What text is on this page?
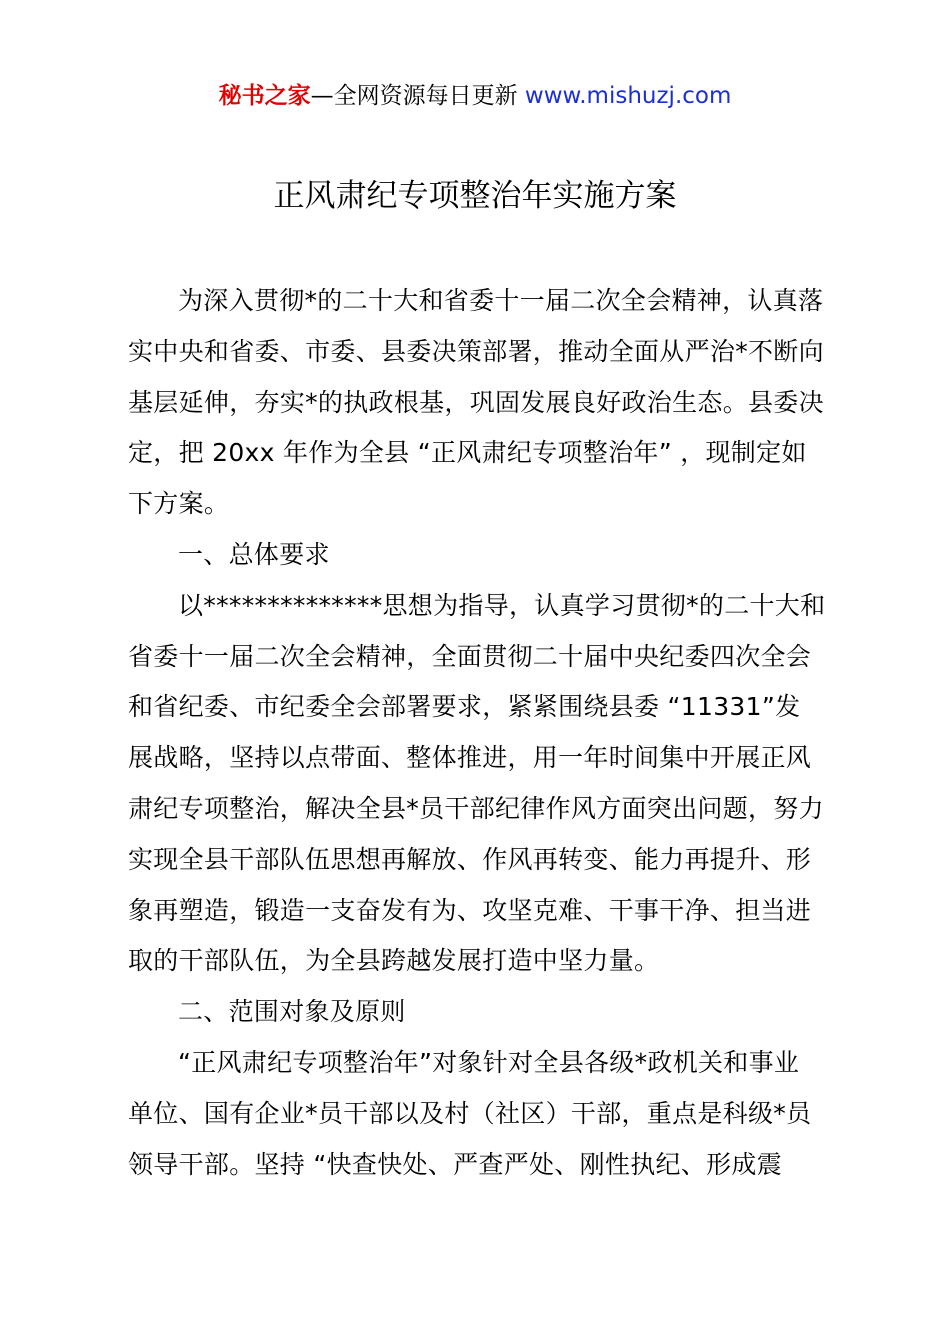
秘书之家—全网资源每日更新 www.mishuzj.com
正风肃纪专项整治年实施方案
为深入贯彻*的二十大和省委十一届二次全会精神，认真落
实中央和省委、市委、县委决策部署，推动全面从严治*不断向
基层延伸，夯实*的执政根基，巩固发展良好政治生态。县委决
定，把 20xx 年作为全县 “正风肃纪专项整治年” ，现制定如
下方案。
一、总体要求
以**************思想为指导，认真学习贯彻*的二十大和
省委十一届二次全会精神，全面贯彻二十届中央纪委四次全会
和省纪委、市纪委全会部署要求，紧紧围绕县委 “11331”发
展战略，坚持以点带面、整体推进，用一年时间集中开展正风
肃纪专项整治，解决全县*员干部纪律作风方面突出问题，努力
实现全县干部队伍思想再解放、作风再转变、能力再提升、形
象再塑造，锻造一支奋发有为、攻坚克难、干事干净、担当进
取的干部队伍，为全县跨越发展打造中坚力量。
二、范围对象及原则
“正风肃纪专项整治年”对象针对全县各级*政机关和事业
单位、国有企业*员干部以及村（社区）干部，重点是科级*员
领导干部。坚持 “快查快处、严查严处、刚性执纪、形成震
